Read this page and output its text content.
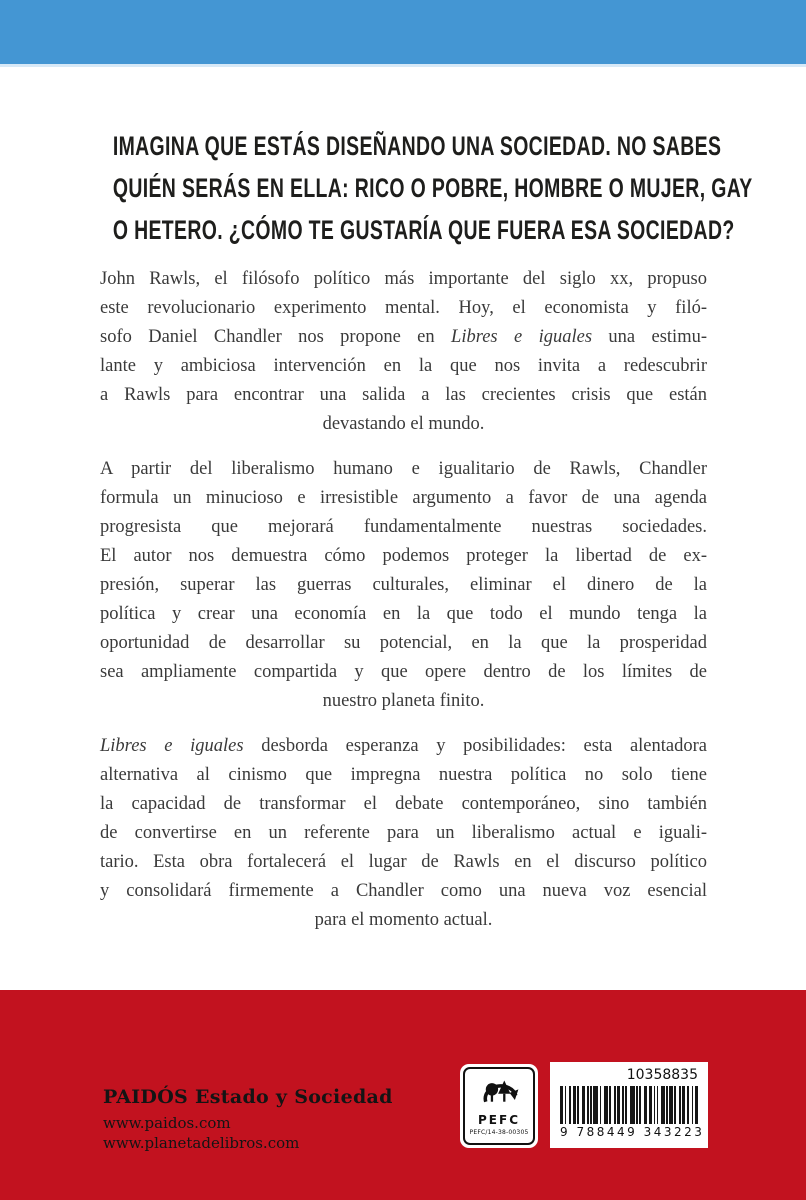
IMAGINA QUE ESTÁS DISEÑANDO UNA SOCIEDAD. NO SABES
QUIÉN SERÁS EN ELLA: RICO O POBRE, HOMBRE O MUJER, GAY
O HETERO. ¿CÓMO TE GUSTARÍA QUE FUERA ESA SOCIEDAD?
John Rawls, el filósofo político más importante del siglo xx, propuso
este revolucionario experimento mental. Hoy, el economista y filó-
sofo Daniel Chandler nos propone en Libres e iguales una estimu-
lante y ambiciosa intervención en la que nos invita a redescubrir
a Rawls para encontrar una salida a las crecientes crisis que están
devastando el mundo.
A partir del liberalismo humano e igualitario de Rawls, Chandler
formula un minucioso e irresistible argumento a favor de una agenda
progresista que mejorará fundamentalmente nuestras sociedades.
El autor nos demuestra cómo podemos proteger la libertad de ex-
presión, superar las guerras culturales, eliminar el dinero de la
política y crear una economía en la que todo el mundo tenga la
oportunidad de desarrollar su potencial, en la que la prosperidad
sea ampliamente compartida y que opere dentro de los límites de
nuestro planeta finito.
Libres e iguales desborda esperanza y posibilidades: esta alentadora
alternativa al cinismo que impregna nuestra política no solo tiene
la capacidad de transformar el debate contemporáneo, sino también
de convertirse en un referente para un liberalismo actual e iguali-
tario. Esta obra fortalecerá el lugar de Rawls en el discurso político
y consolidará firmemente a Chandler como una nueva voz esencial
para el momento actual.
PAIDÓS Estado y Sociedad
www.paidos.com
www.planetadelibros.com
PEFC
PEFC/14-38-00305
10358835
9 788449 343223
